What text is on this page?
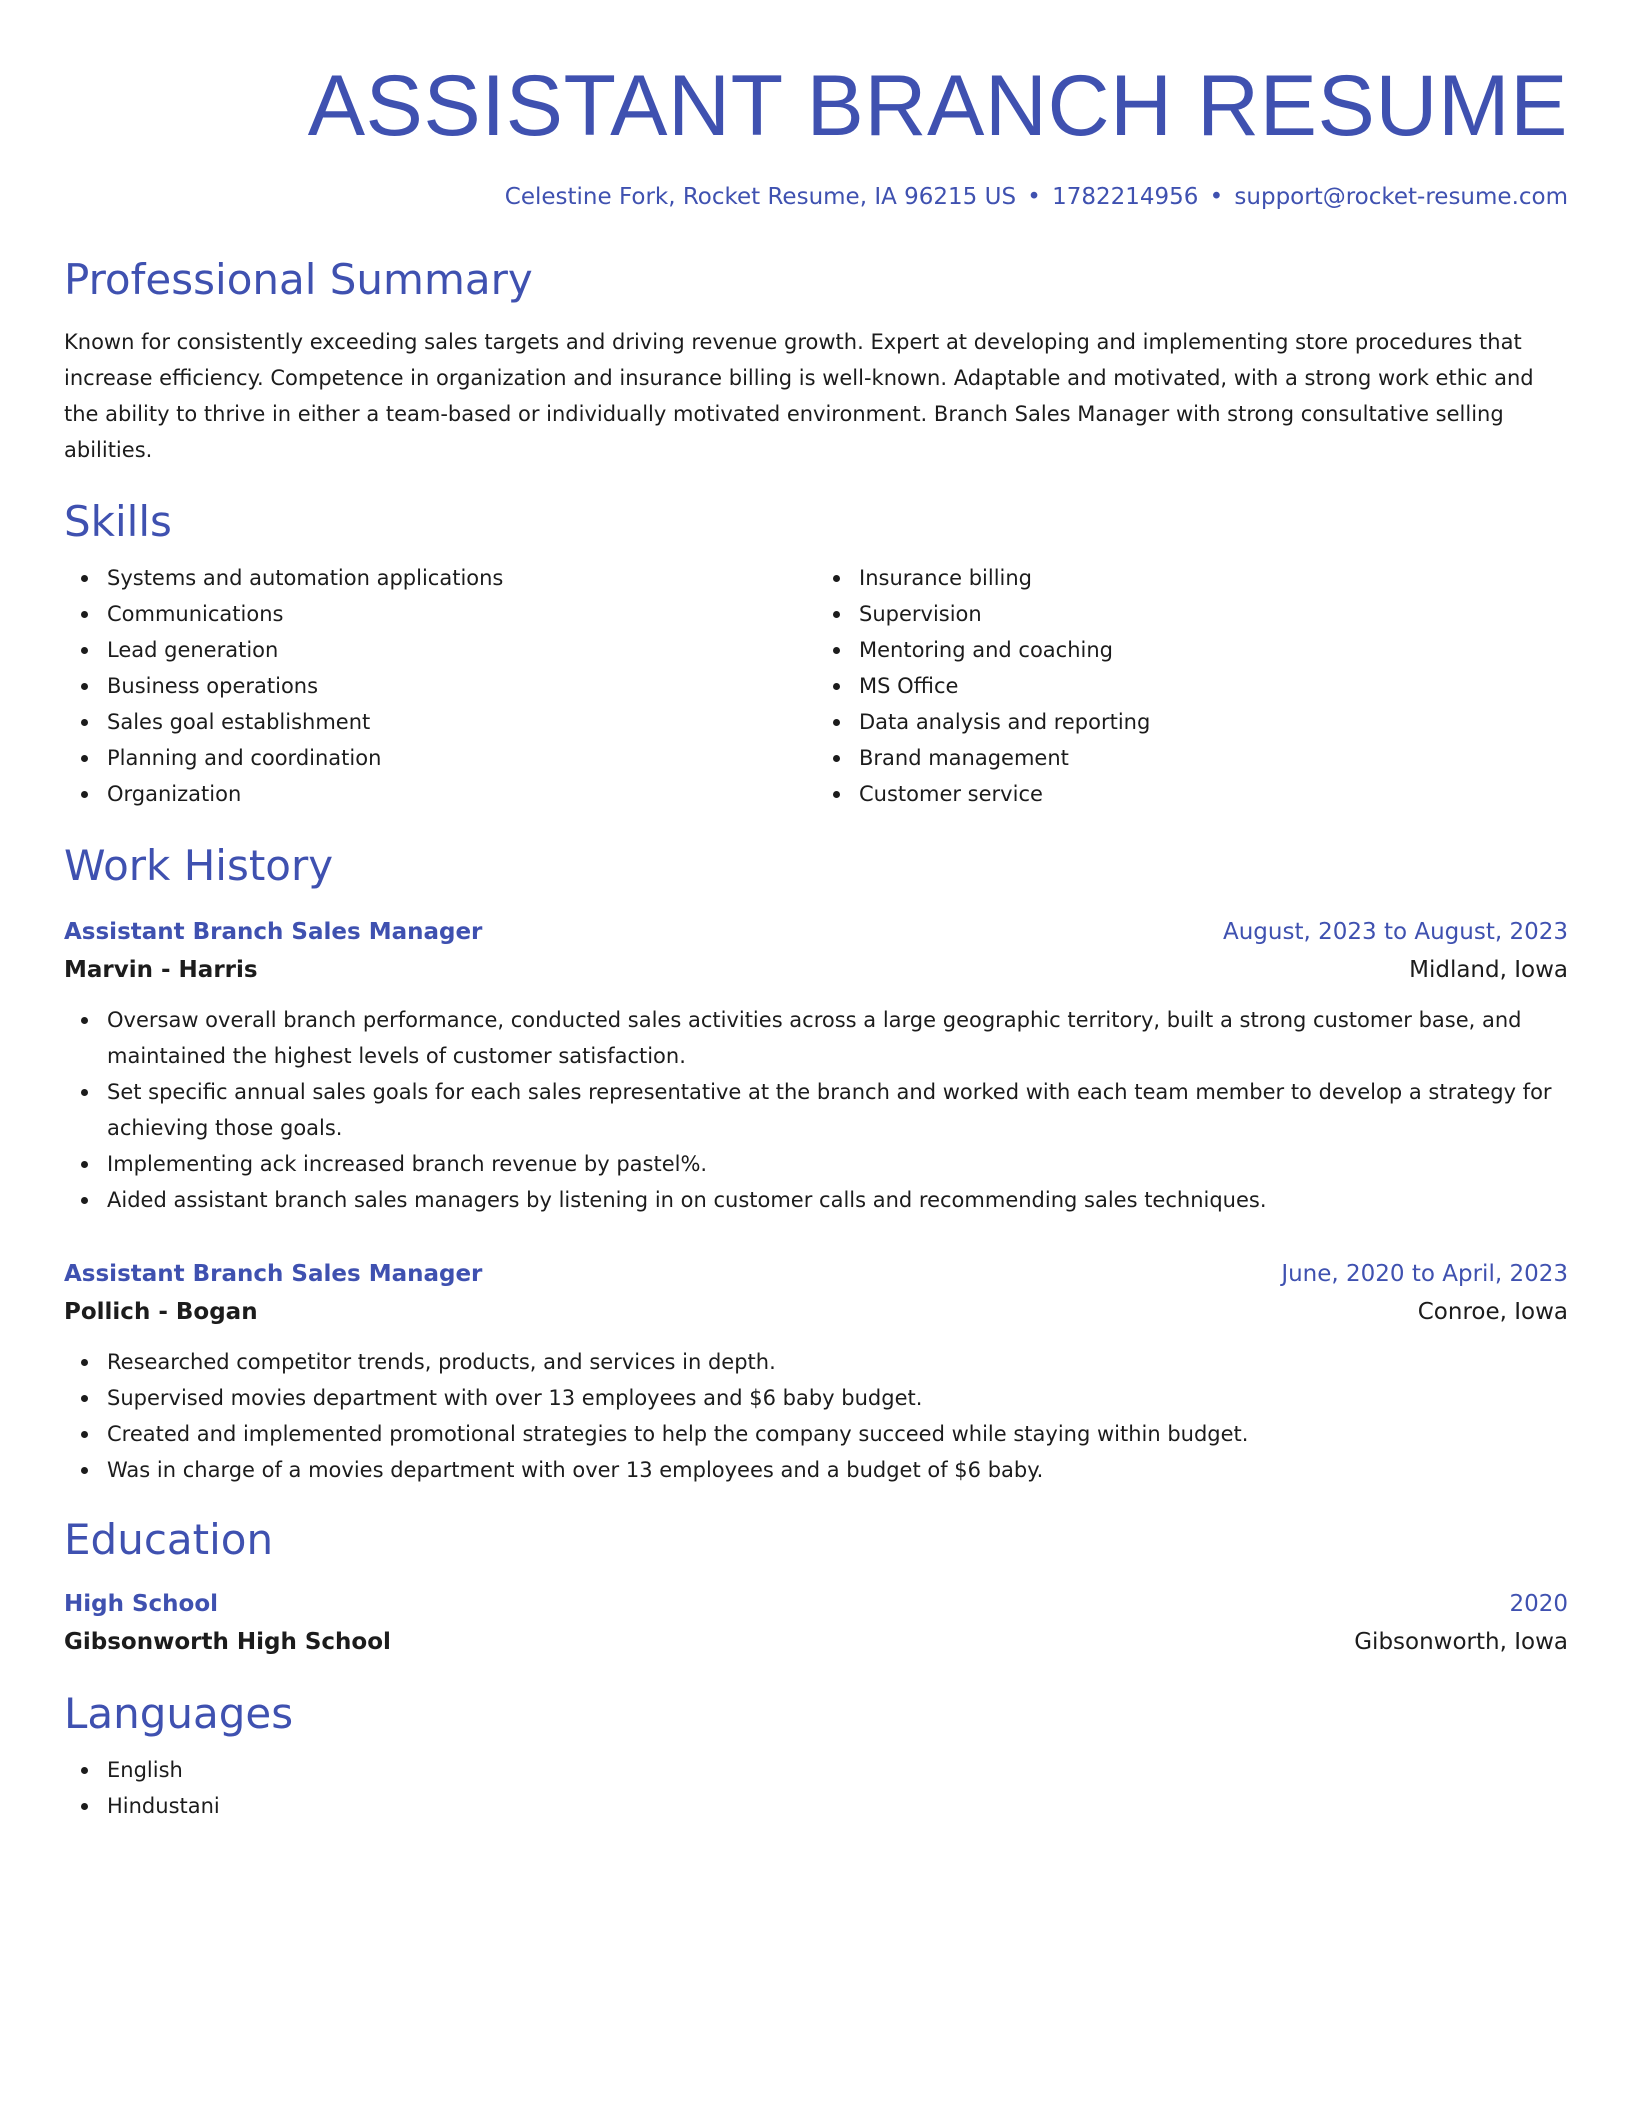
ASSISTANT BRANCH RESUME
Celestine Fork, Rocket Resume, IA 96215 US • 1782214956 • support@rocket-resume.com
Professional Summary

Known for consistently exceeding sales targets and driving revenue growth. Expert at developing and implementing store procedures that increase efficiency. Competence in organization and insurance billing is well-known. Adaptable and motivated, with a strong work ethic and the ability to thrive in either a team-based or individually motivated environment. Branch Sales Manager with strong consultative selling abilities.

Skills
Systems and automation applications
Communications
Lead generation
Business operations
Sales goal establishment
Planning and coordination
Organization
Insurance billing
Supervision
Mentoring and coaching
MS Office
Data analysis and reporting
Brand management
Customer service
Work History
Assistant Branch Sales Manager	August, 2023 to August, 2023
Marvin - Harris	Midland, Iowa
Oversaw overall branch performance, conducted sales activities across a large geographic territory, built a strong customer base, and maintained the highest levels of customer satisfaction.
Set specific annual sales goals for each sales representative at the branch and worked with each team member to develop a strategy for achieving those goals.
Implementing ack increased branch revenue by pastel%.
Aided assistant branch sales managers by listening in on customer calls and recommending sales techniques.
Assistant Branch Sales Manager	June, 2020 to April, 2023
Pollich - Bogan	Conroe, Iowa
Researched competitor trends, products, and services in depth.
Supervised movies department with over 13 employees and $6 baby budget.
Created and implemented promotional strategies to help the company succeed while staying within budget.
Was in charge of a movies department with over 13 employees and a budget of $6 baby.
Education
High School	2020
Gibsonworth High School	Gibsonworth, Iowa
Languages
English
Hindustani
